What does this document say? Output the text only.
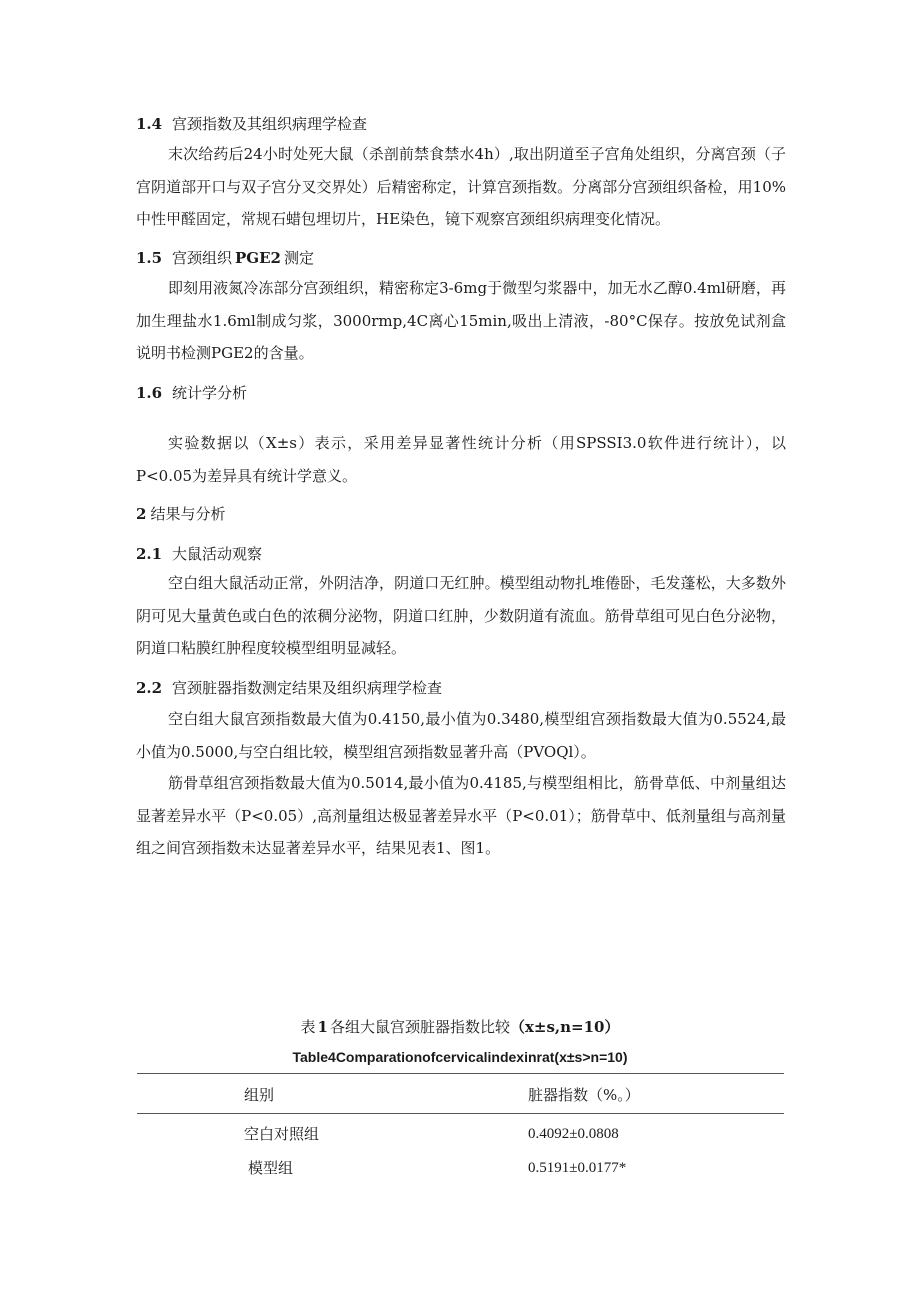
1.4 宫颈指数及其组织病理学检查

末次给药后24小时处死大鼠（杀剖前禁食禁水4h）,取出阴道至子宫角处组织，分离宫颈（子宫阴道部开口与双子宫分叉交界处）后精密称定，计算宫颈指数。分离部分宫颈组织备检，用10%中性甲醛固定，常规石蜡包埋切片，HE染色，镜下观察宫颈组织病理变化情况。

1.5 宫颈组织 PGE2 测定

即刻用液氮冷冻部分宫颈组织，精密称定3-6mg于微型匀浆器中，加无水乙醇0.4ml研磨，再加生理盐水1.6ml制成匀浆，3000rmp,4C离心15min,吸出上清液，-80°C保存。按放免试剂盒说明书检测PGE2的含量。

1.6 统计学分析

实验数据以（X±s）表示，采用差异显著性统计分析（用SPSSI3.0软件进行统计），以P<0.05为差异具有统计学意义。

2 结果与分析
2.1 大鼠活动观察

空白组大鼠活动正常，外阴洁净，阴道口无红肿。模型组动物扎堆倦卧，毛发蓬松，大多数外阴可见大量黄色或白色的浓稠分泌物，阴道口红肿，少数阴道有流血。筋骨草组可见白色分泌物，阴道口粘膜红肿程度较模型组明显减轻。

2.2 宫颈脏器指数测定结果及组织病理学检查

空白组大鼠宫颈指数最大值为0.4150,最小值为0.3480,模型组宫颈指数最大值为0.5524,最小值为0.5000,与空白组比较，模型组宫颈指数显著升高（PVOQl）。

筋骨草组宫颈指数最大值为0.5014,最小值为0.4185,与模型组相比，筋骨草低、中剂量组达显著差异水平（P<0.05）,高剂量组达极显著差异水平（P<0.01）；筋骨草中、低剂量组与高剂量组之间宫颈指数未达显著差异水平，结果见表1、图1。

表 1 各组大鼠宫颈脏器指数比较（x±s,n=10）
Table4Comparationofcervicalindexinrat(x±s>n=10)
组别	脏器指数（%。）
空白对照组	0.4092±0.0808
模型组	0.5191±0.0177*
